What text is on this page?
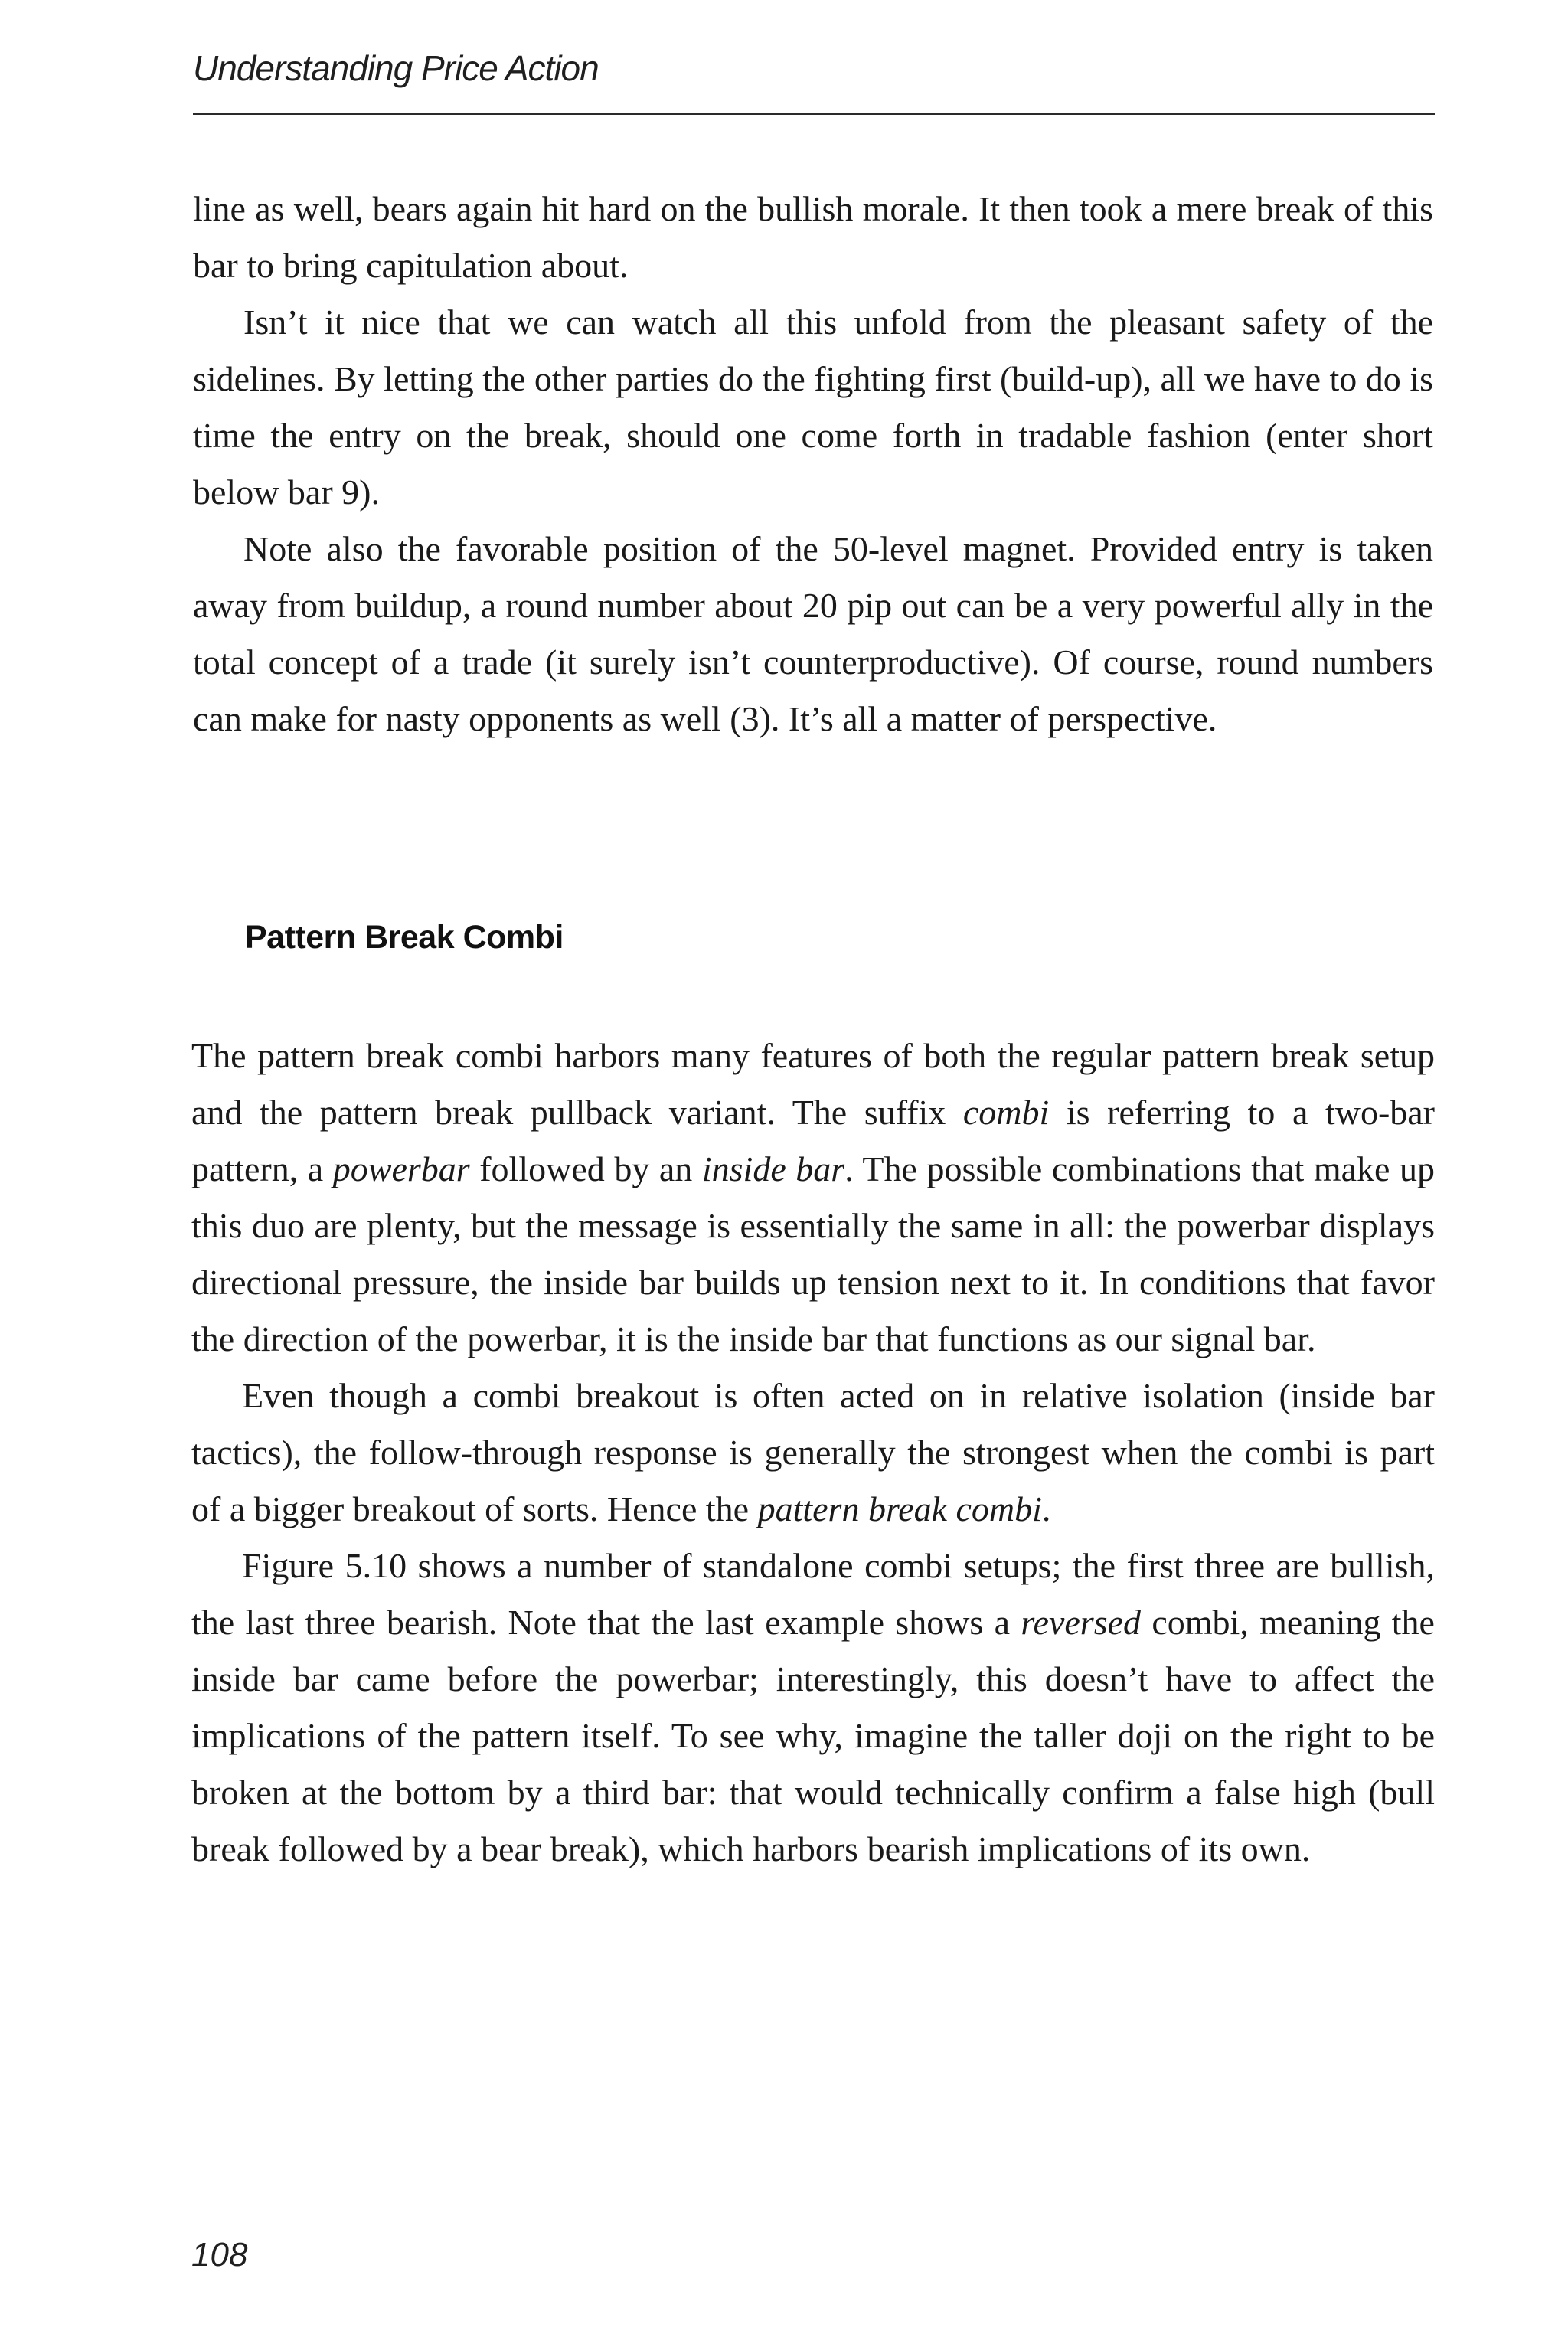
Understanding Price Action

line as well, bears again hit hard on the bullish morale. It then took a mere break of this bar to bring capitulation about.

Isn’t it nice that we can watch all this unfold from the pleasant safety of the sidelines. By letting the other parties do the fighting first (build-up), all we have to do is time the entry on the break, should one come forth in tradable fashion (enter short below bar 9).

Note also the favorable position of the 50-level magnet. Provided entry is taken away from buildup, a round number about 20 pip out can be a very powerful ally in the total concept of a trade (it surely isn’t counterproductive). Of course, round numbers can make for nasty opponents as well (3). It’s all a matter of perspective.

Pattern Break Combi

The pattern break combi harbors many features of both the regular pattern break setup and the pattern break pullback variant. The suffix combi is referring to a two-bar pattern, a powerbar followed by an inside bar. The possible combinations that make up this duo are plenty, but the message is essentially the same in all: the powerbar displays directional pressure, the inside bar builds up tension next to it. In conditions that favor the direction of the powerbar, it is the inside bar that functions as our signal bar.

Even though a combi breakout is often acted on in relative isolation (inside bar tactics), the follow-through response is generally the strongest when the combi is part of a bigger breakout of sorts. Hence the pattern break combi.

Figure 5.10 shows a number of standalone combi setups; the first three are bullish, the last three bearish. Note that the last example shows a reversed combi, meaning the inside bar came before the powerbar; interestingly, this doesn’t have to affect the implications of the pattern itself. To see why, imagine the taller doji on the right to be broken at the bottom by a third bar: that would technically confirm a false high (bull break followed by a bear break), which harbors bearish implications of its own.

108
